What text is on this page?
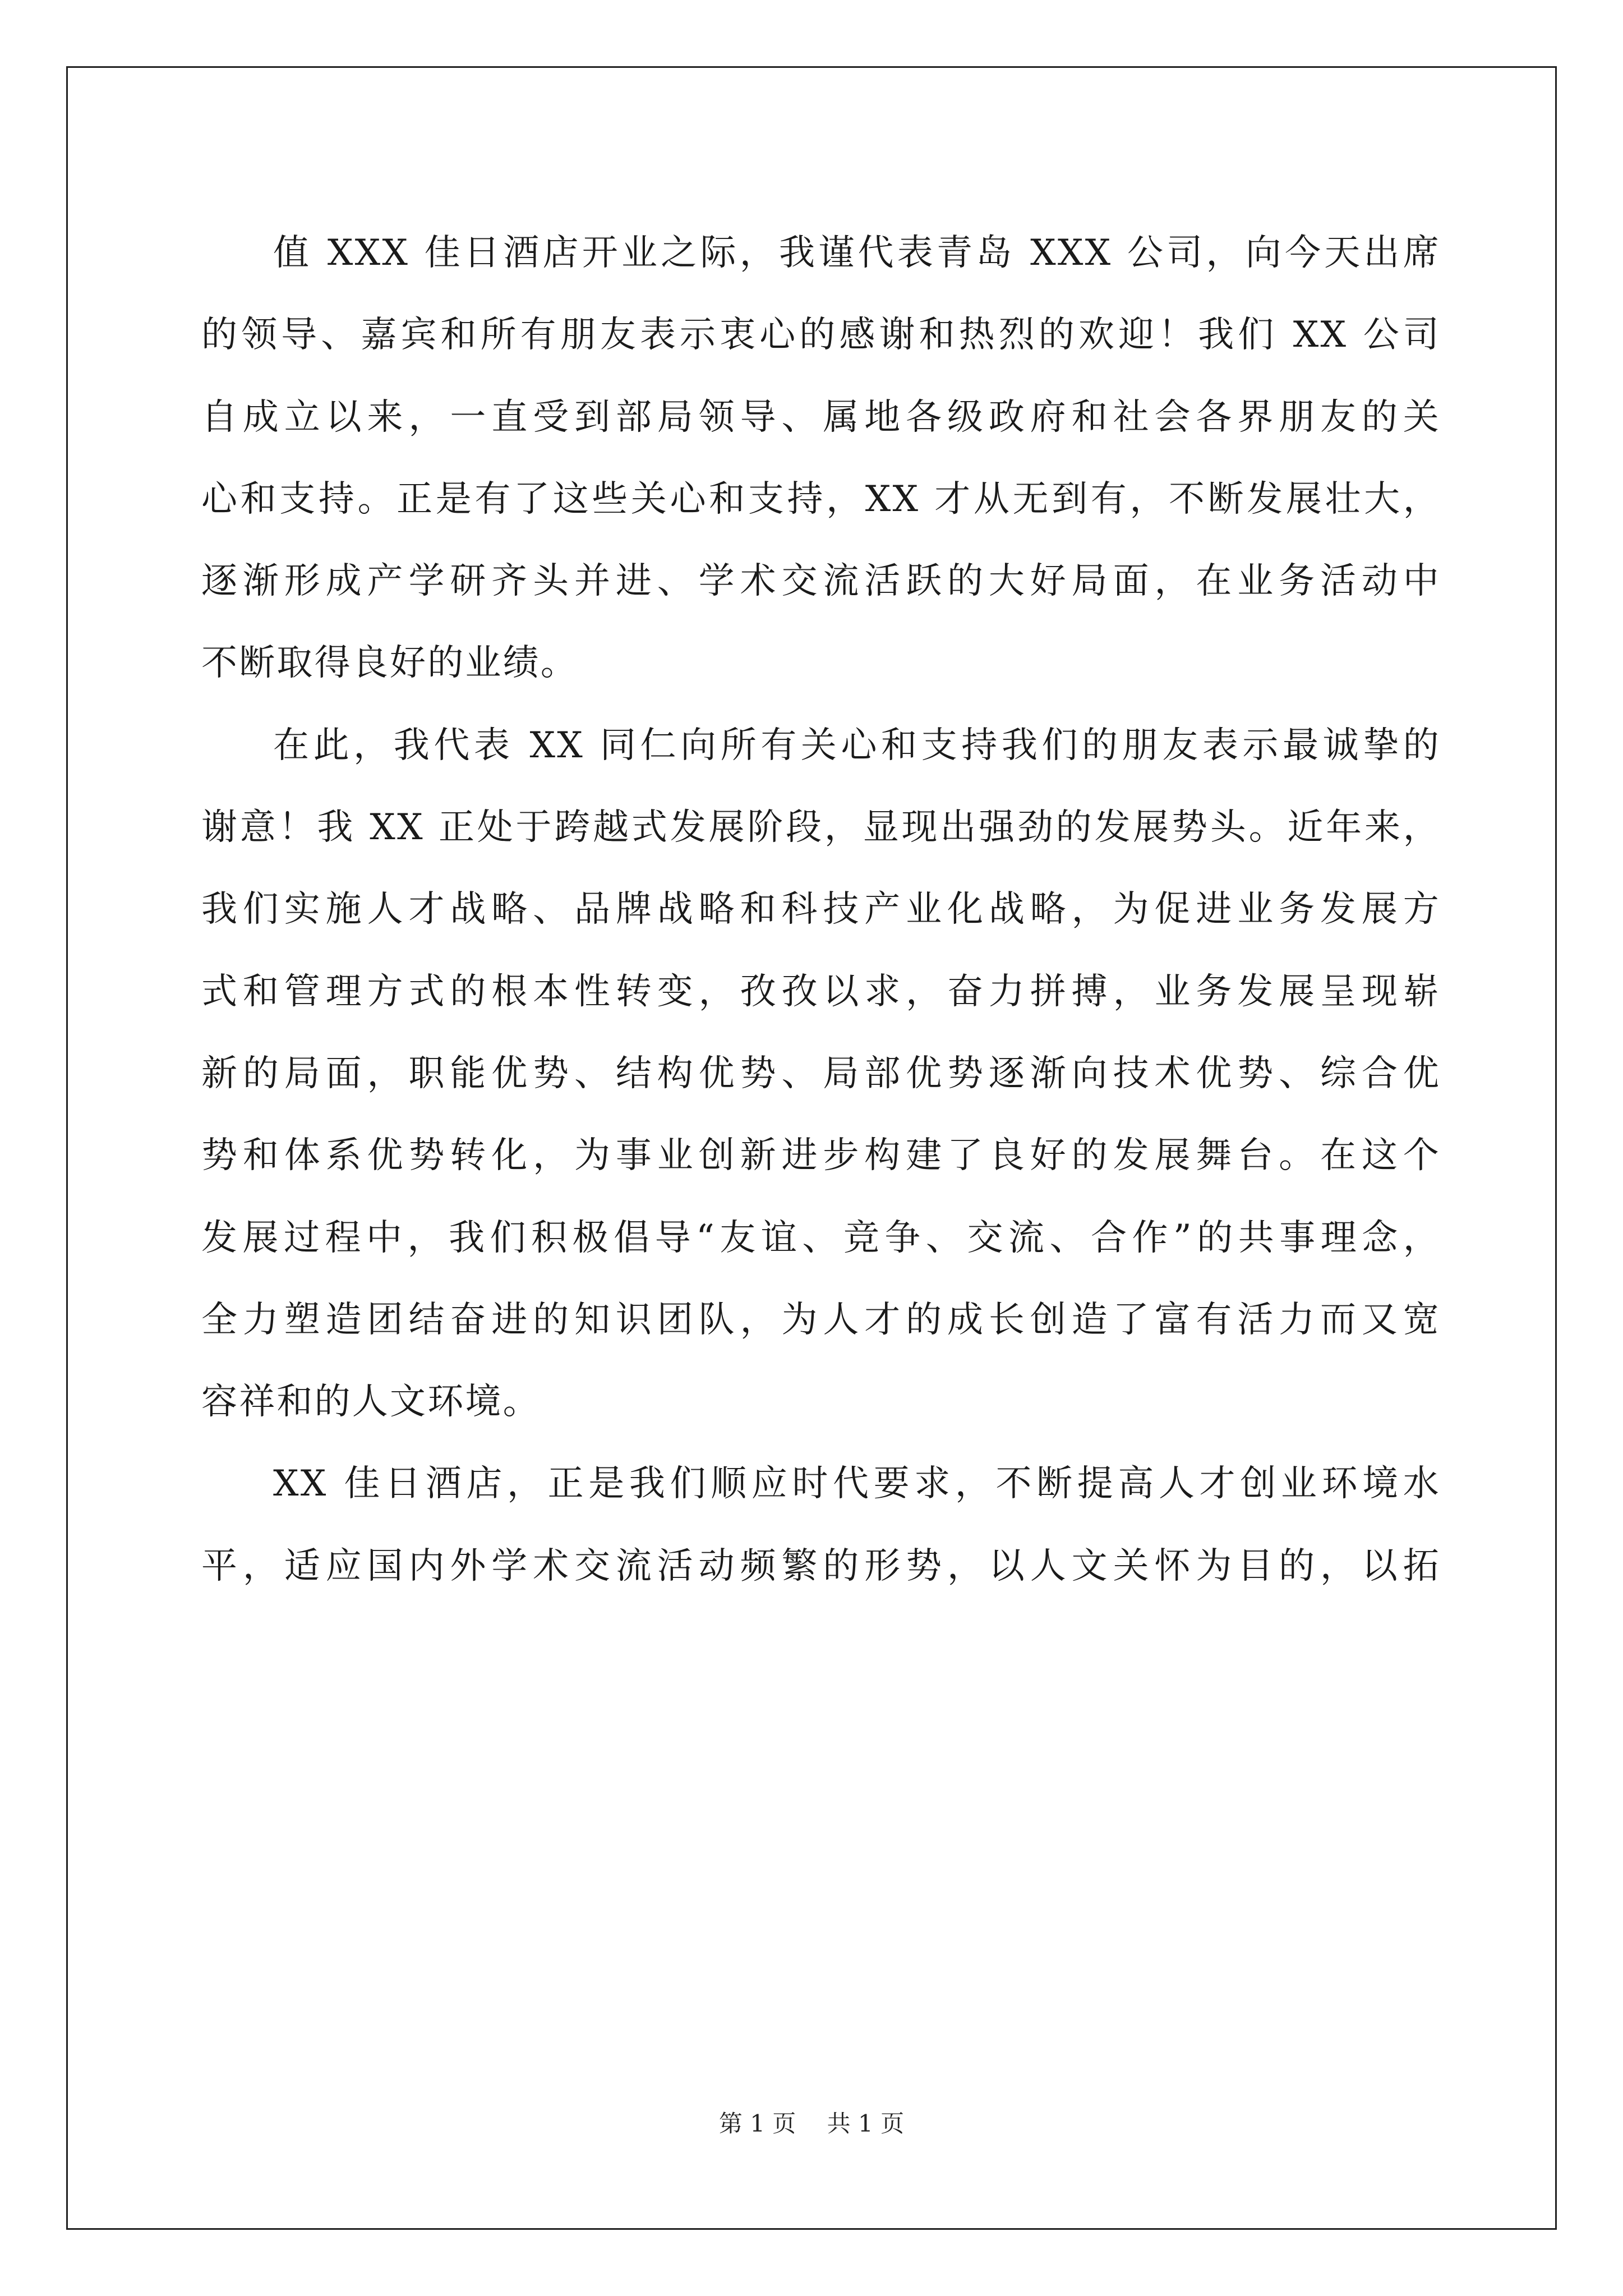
值 XXX 佳日酒店开业之际，我谨代表青岛 XXX 公司，向今天出席
的领导、嘉宾和所有朋友表示衷心的感谢和热烈的欢迎！我们 XX 公司
自成立以来，一直受到部局领导、属地各级政府和社会各界朋友的关
心和支持。正是有了这些关心和支持，XX 才从无到有，不断发展壮大，
逐渐形成产学研齐头并进、学术交流活跃的大好局面，在业务活动中
不断取得良好的业绩。
在此，我代表 XX 同仁向所有关心和支持我们的朋友表示最诚挚的
谢意！我 XX 正处于跨越式发展阶段，显现出强劲的发展势头。近年来，
我们实施人才战略、品牌战略和科技产业化战略，为促进业务发展方
式和管理方式的根本性转变，孜孜以求，奋力拼搏，业务发展呈现崭
新的局面，职能优势、结构优势、局部优势逐渐向技术优势、综合优
势和体系优势转化，为事业创新进步构建了良好的发展舞台。在这个
发展过程中，我们积极倡导“友谊、竞争、交流、合作”的共事理念，
全力塑造团结奋进的知识团队，为人才的成长创造了富有活力而又宽
容祥和的人文环境。
XX 佳日酒店，正是我们顺应时代要求，不断提高人才创业环境水
平，适应国内外学术交流活动频繁的形势，以人文关怀为目的，以拓
第 1 页 共 1 页
